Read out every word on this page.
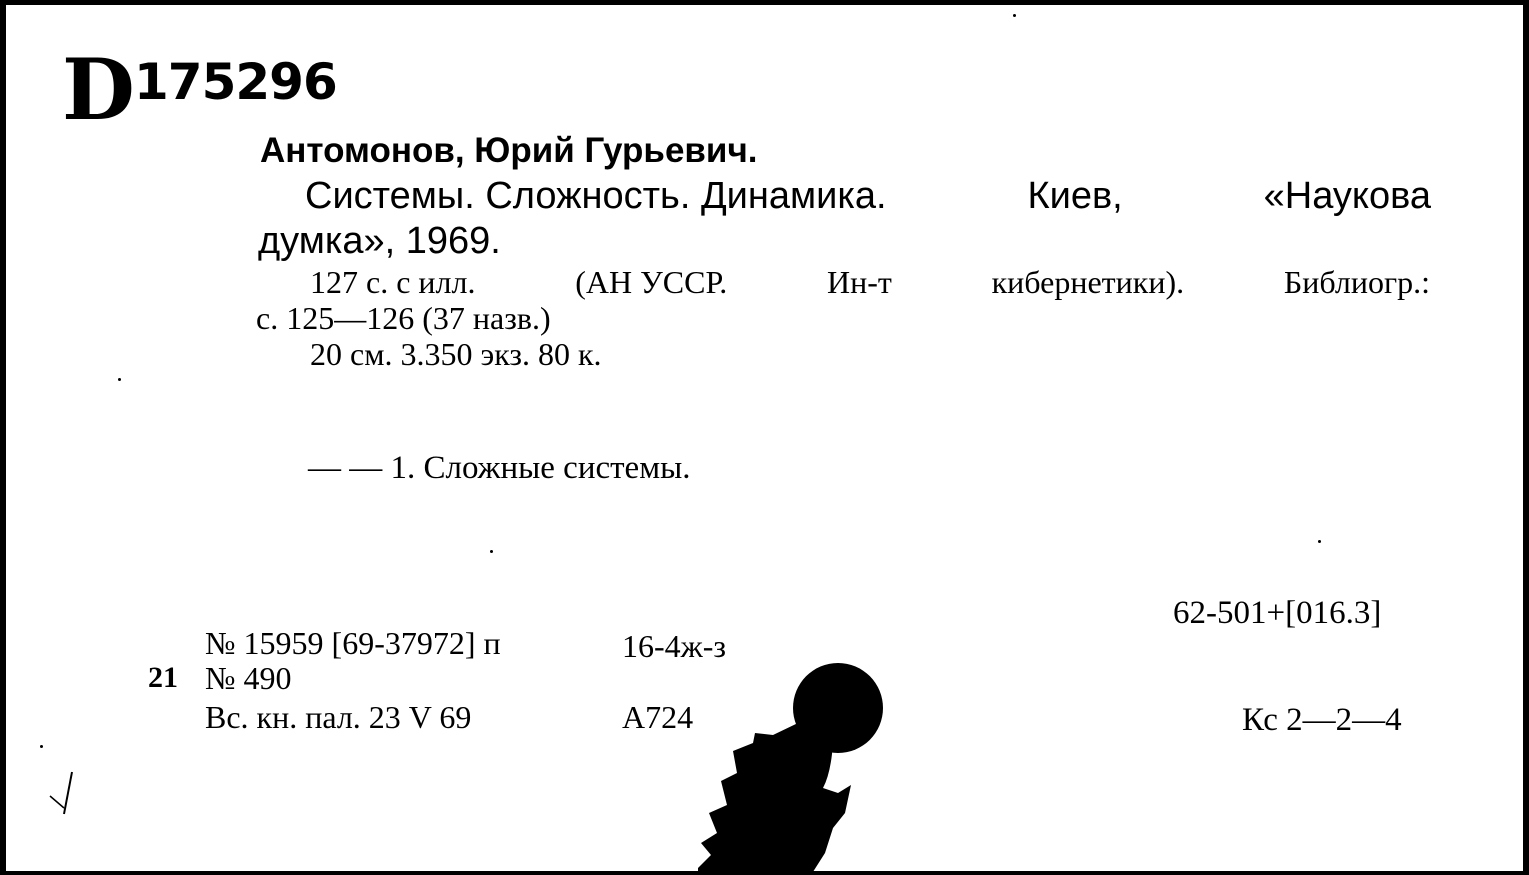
D 175296
Антомонов, Юрий Гурьевич.
Системы. Сложность. Динамика.	Киев,	«Наукова
думка», 1969.
127 с. с илл.	(АН УССР.	Ин-т	кибернетики).	Библиогр.:
с. 125—126 (37 назв.)
20 см. 3.350 экз. 80 к.
— — 1. Сложные системы.
62-501+[016.3]
№ 15959 [69-37972] п	16-4ж-з
21 № 490
Вс. кн. пал. 23 V 69	А724	Кс 2—2—4
